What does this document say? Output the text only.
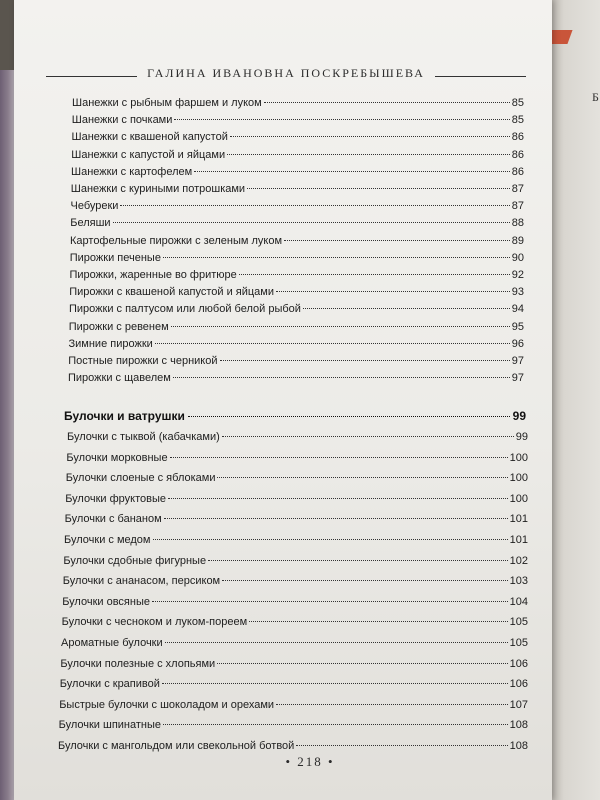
Б
ГАЛИНА ИВАНОВНА ПОСКРЕБЫШЕВА
Шанежки с рыбным фаршем и луком	85
Шанежки с почками	85
Шанежки с квашеной капустой	86
Шанежки с капустой и яйцами	86
Шанежки с картофелем	86
Шанежки с куриными потрошками	87
Чебуреки	87
Беляши	88
Картофельные пирожки с зеленым луком	89
Пирожки печеные	90
Пирожки, жаренные во фритюре	92
Пирожки с квашеной капустой и яйцами	93
Пирожки с палтусом или любой белой рыбой	94
Пирожки с ревенем	95
Зимние пирожки	96
Постные пирожки с черникой	97
Пирожки с щавелем	97
Булочки и ватрушки	99
Булочки с тыквой (кабачками)	99
Булочки морковные	100
Булочки слоеные с яблоками	100
Булочки фруктовые	100
Булочки с бананом	101
Булочки с медом	101
Булочки сдобные фигурные	102
Булочки с ананасом, персиком	103
Булочки овсяные	104
Булочки с чесноком и луком-пореем	105
Ароматные булочки	105
Булочки полезные с хлопьями	106
Булочки с крапивой	106
Быстрые булочки с шоколадом и орехами	107
Булочки шпинатные	108
Булочки с мангольдом или свекольной ботвой	108
• 218 •
